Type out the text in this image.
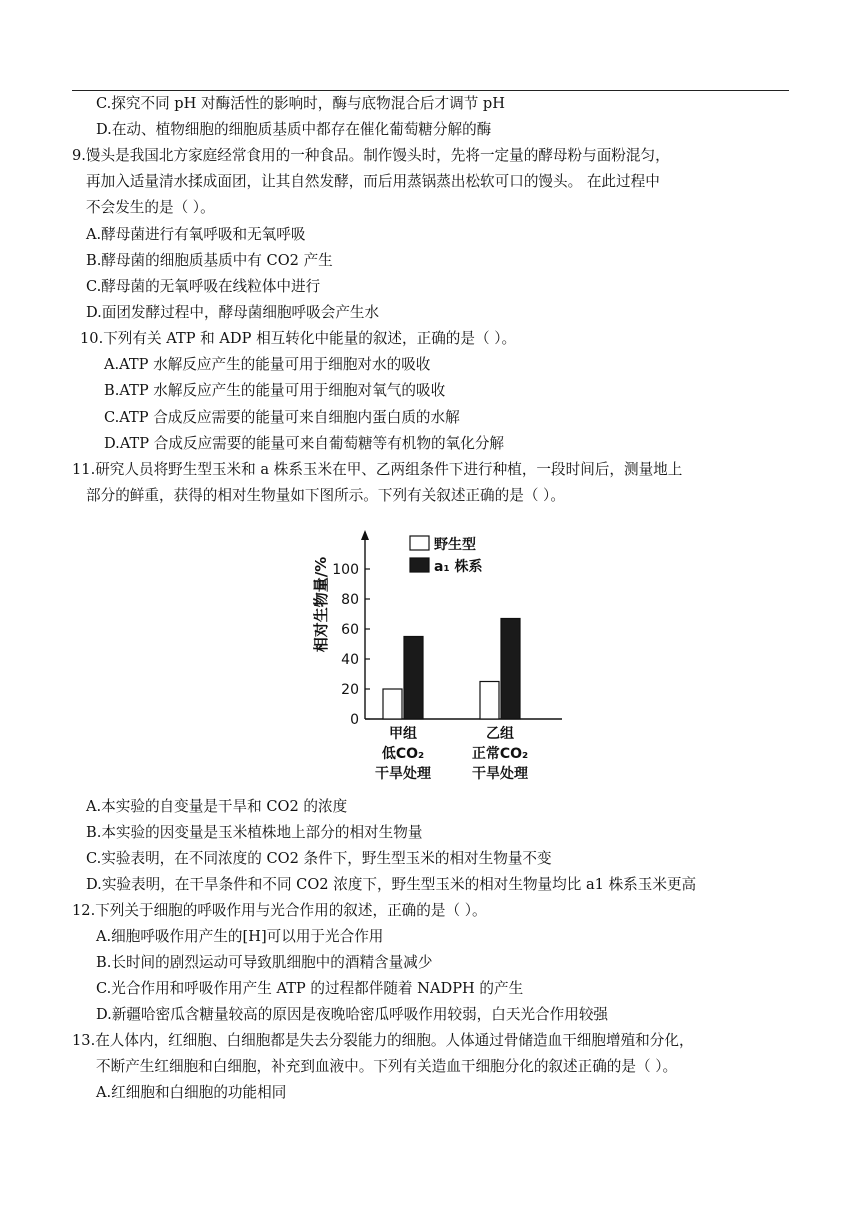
C.探究不同 pH 对酶活性的影响时，酶与底物混合后才调节 pH
D.在动、植物细胞的细胞质基质中都存在催化葡萄糖分解的酶
9.馒头是我国北方家庭经常食用的一种食品。制作馒头时，先将一定量的酵母粉与面粉混匀，
再加入适量清水揉成面团，让其自然发酵，而后用蒸锅蒸出松软可口的馒头。 在此过程中
不会发生的是（ ）。
A.酵母菌进行有氧呼吸和无氧呼吸
B.酵母菌的细胞质基质中有 CO2 产生
C.酵母菌的无氧呼吸在线粒体中进行
D.面团发酵过程中，酵母菌细胞呼吸会产生水
10.下列有关 ATP 和 ADP 相互转化中能量的叙述，正确的是（ ）。
A.ATP 水解反应产生的能量可用于细胞对水的吸收
B.ATP 水解反应产生的能量可用于细胞对氧气的吸收
C.ATP 合成反应需要的能量可来自细胞内蛋白质的水解
D.ATP 合成反应需要的能量可来自葡萄糖等有机物的氧化分解
11.研究人员将野生型玉米和 a 株系玉米在甲、乙两组条件下进行种植，一段时间后，测量地上
部分的鲜重，获得的相对生物量如下图所示。下列有关叙述正确的是（ ）。
0
20
40
60
80
100
相对生物量/%
甲组
低CO₂
干旱处理
乙组
正常CO₂
干旱处理
野生型
a₁ 株系
A.本实验的自变量是干旱和 CO2 的浓度
B.本实验的因变量是玉米植株地上部分的相对生物量
C.实验表明，在不同浓度的 CO2 条件下，野生型玉米的相对生物量不变
D.实验表明，在干旱条件和不同 CO2 浓度下，野生型玉米的相对生物量均比 a1 株系玉米更高
12.下列关于细胞的呼吸作用与光合作用的叙述，正确的是（ ）。
A.细胞呼吸作用产生的[H]可以用于光合作用
B.长时间的剧烈运动可导致肌细胞中的酒精含量减少
C.光合作用和呼吸作用产生 ATP 的过程都伴随着 NADPH 的产生
D.新疆哈密瓜含糖量较高的原因是夜晚哈密瓜呼吸作用较弱，白天光合作用较强
13.在人体内，红细胞、白细胞都是失去分裂能力的细胞。人体通过骨储造血干细胞增殖和分化，
不断产生红细胞和白细胞，补充到血液中。下列有关造血干细胞分化的叙述正确的是（ ）。
A.红细胞和白细胞的功能相同
